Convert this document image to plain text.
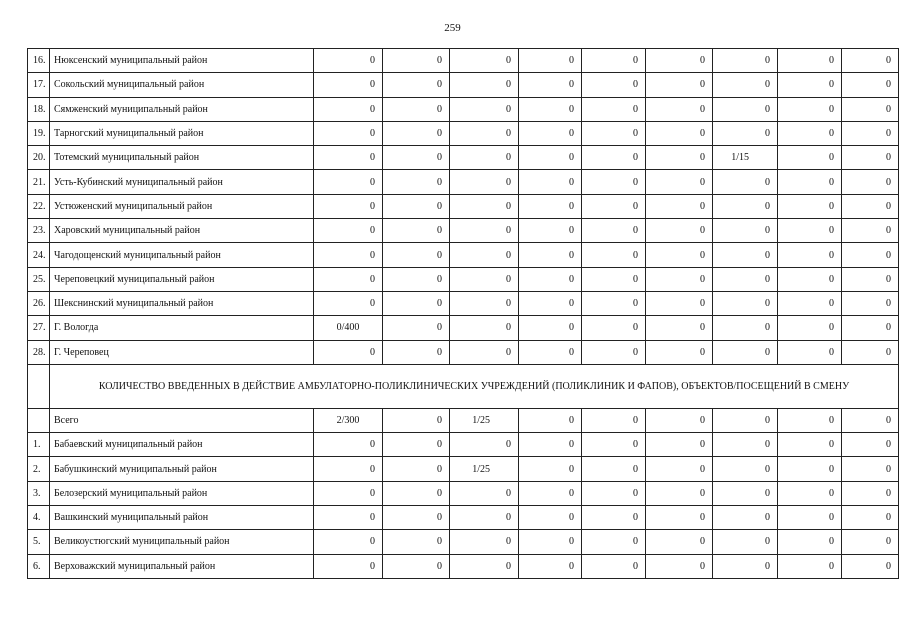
259
16.	Нюксенский муниципальный район	0	0	0	0	0	0	0	0	0
17.	Сокольский муниципальный район	0	0	0	0	0	0	0	0	0
18.	Сямженский муниципальный район	0	0	0	0	0	0	0	0	0
19.	Тарногский муниципальный район	0	0	0	0	0	0	0	0	0
20.	Тотемский муниципальный район	0	0	0	0	0	0	1/15	0	0
21.	Усть-Кубинский муниципальный район	0	0	0	0	0	0	0	0	0
22.	Устюженский муниципальный район	0	0	0	0	0	0	0	0	0
23.	Харовский муниципальный район	0	0	0	0	0	0	0	0	0
24.	Чагодощенский муниципальный район	0	0	0	0	0	0	0	0	0
25.	Череповецкий муниципальный район	0	0	0	0	0	0	0	0	0
26.	Шекснинский муниципальный район	0	0	0	0	0	0	0	0	0
27.	Г. Вологда	0/400	0	0	0	0	0	0	0	0
28.	Г. Череповец	0	0	0	0	0	0	0	0	0
	КОЛИЧЕСТВО ВВЕДЕННЫХ В ДЕЙСТВИЕ АМБУЛАТОРНО-ПОЛИКЛИНИЧЕСКИХ УЧРЕЖДЕНИЙ (ПОЛИКЛИНИК И ФАПОВ), ОБЪЕКТОВ/ПОСЕЩЕНИЙ В СМЕНУ									
	Всего	2/300	0	1/25	0	0	0	0	0	0
1.	Бабаевский муниципальный район	0	0	0	0	0	0	0	0	0
2.	Бабушкинский муниципальный район	0	0	1/25	0	0	0	0	0	0
3.	Белозерский муниципальный район	0	0	0	0	0	0	0	0	0
4.	Вашкинский муниципальный район	0	0	0	0	0	0	0	0	0
5.	Великоустюгский муниципальный район	0	0	0	0	0	0	0	0	0
6.	Верховажский муниципальный район	0	0	0	0	0	0	0	0	0
